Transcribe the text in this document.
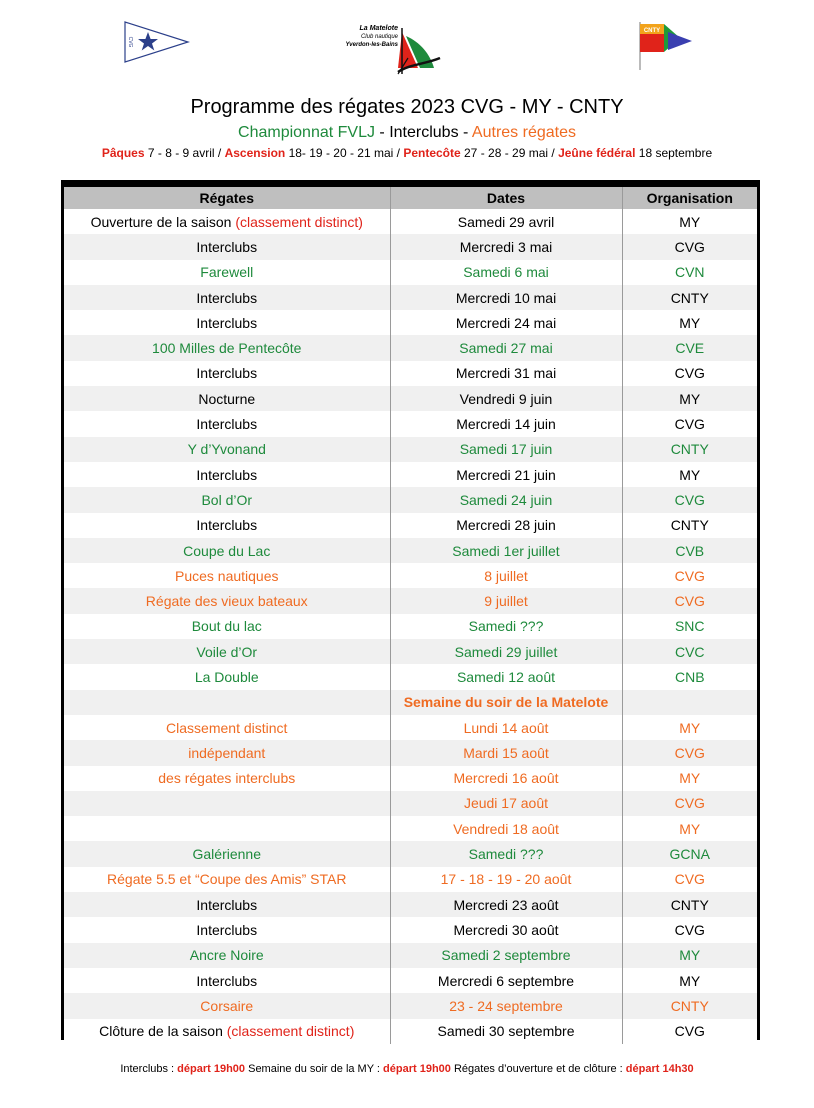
CVG
La Matelote
Club nautique
Yverdon-les-Bains
CNTY
Programme des régates 2023 CVG - MY - CNTY
Championnat FVLJ - Interclubs - Autres régates
Pâques 7 - 8 - 9 avril / Ascension 18- 19 - 20 - 21 mai / Pentecôte 27 - 28 - 29 mai / Jeûne fédéral 18 septembre
Régates	Dates	Organisation
Ouverture de la saison (classement distinct)	Samedi 29 avril	MY
Interclubs	Mercredi 3 mai	CVG
Farewell	Samedi 6 mai	CVN
Interclubs	Mercredi 10 mai	CNTY
Interclubs	Mercredi 24 mai	MY
100 Milles de Pentecôte	Samedi 27 mai	CVE
Interclubs	Mercredi 31 mai	CVG
Nocturne	Vendredi 9 juin	MY
Interclubs	Mercredi 14 juin	CVG
Y d’Yvonand	Samedi 17 juin	CNTY
Interclubs	Mercredi 21 juin	MY
Bol d’Or	Samedi 24 juin	CVG
Interclubs	Mercredi 28 juin	CNTY
Coupe du Lac	Samedi 1er juillet	CVB
Puces nautiques	8 juillet	CVG
Régate des vieux bateaux	9 juillet	CVG
Bout du lac	Samedi ???	SNC
Voile d’Or	Samedi 29 juillet	CVC
La Double	Samedi 12 août	CNB
	Semaine du soir de la Matelote	
Classement distinct	Lundi 14 août	MY
indépendant	Mardi 15 août	CVG
des régates interclubs	Mercredi 16 août	MY
	Jeudi 17 août	CVG
	Vendredi 18 août	MY
Galérienne	Samedi ???	GCNA
Régate 5.5 et “Coupe des Amis” STAR	17 - 18 - 19 - 20 août	CVG
Interclubs	Mercredi 23 août	CNTY
Interclubs	Mercredi 30 août	CVG
Ancre Noire	Samedi 2 septembre	MY
Interclubs	Mercredi 6 septembre	MY
Corsaire	23 - 24 septembre	CNTY
Clôture de la saison (classement distinct)	Samedi 30 septembre	CVG
Interclubs : départ 19h00 Semaine du soir de la MY : départ 19h00 Régates d’ouverture et de clôture : départ 14h30
